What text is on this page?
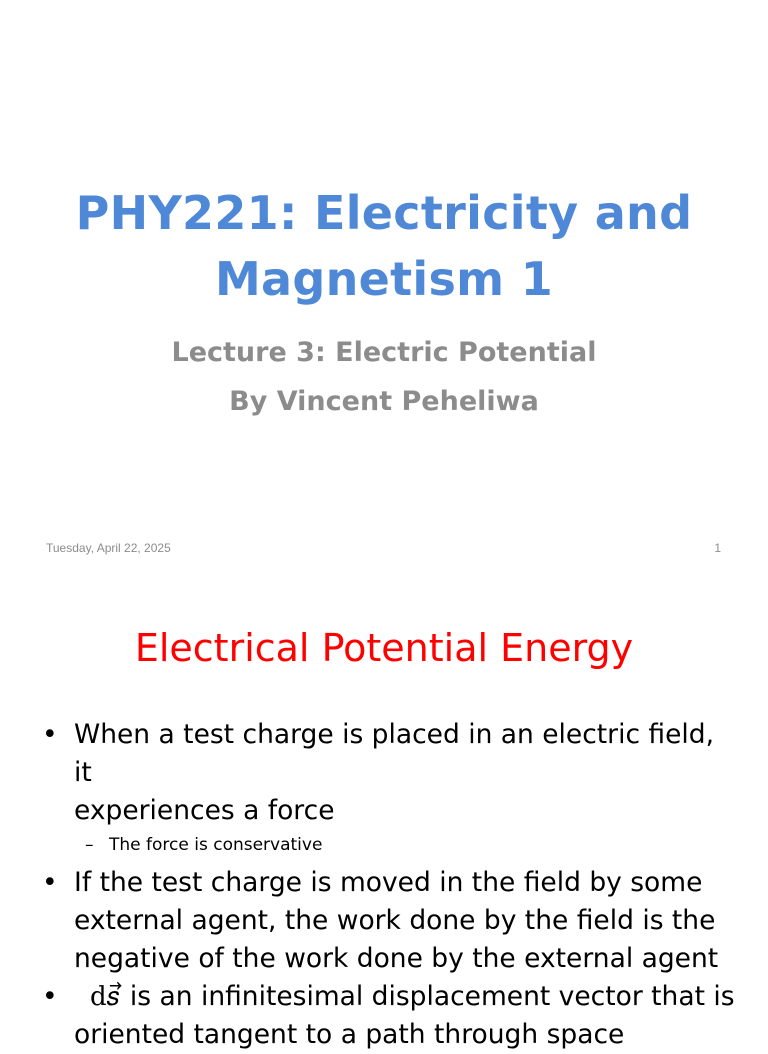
PHY221: Electricity and
Magnetism 1
Lecture 3: Electric Potential
By Vincent Peheliwa
Tuesday, April 22, 2025	1
Electrical Potential Energy
• When a test charge is placed in an electric field, it
experiences a force
– The force is conservative
• If the test charge is moved in the field by some
external agent, the work done by the field is the
negative of the work done by the external agent
•	d𝑠⃗ is an infinitesimal displacement vector that is
oriented tangent to a path through space
